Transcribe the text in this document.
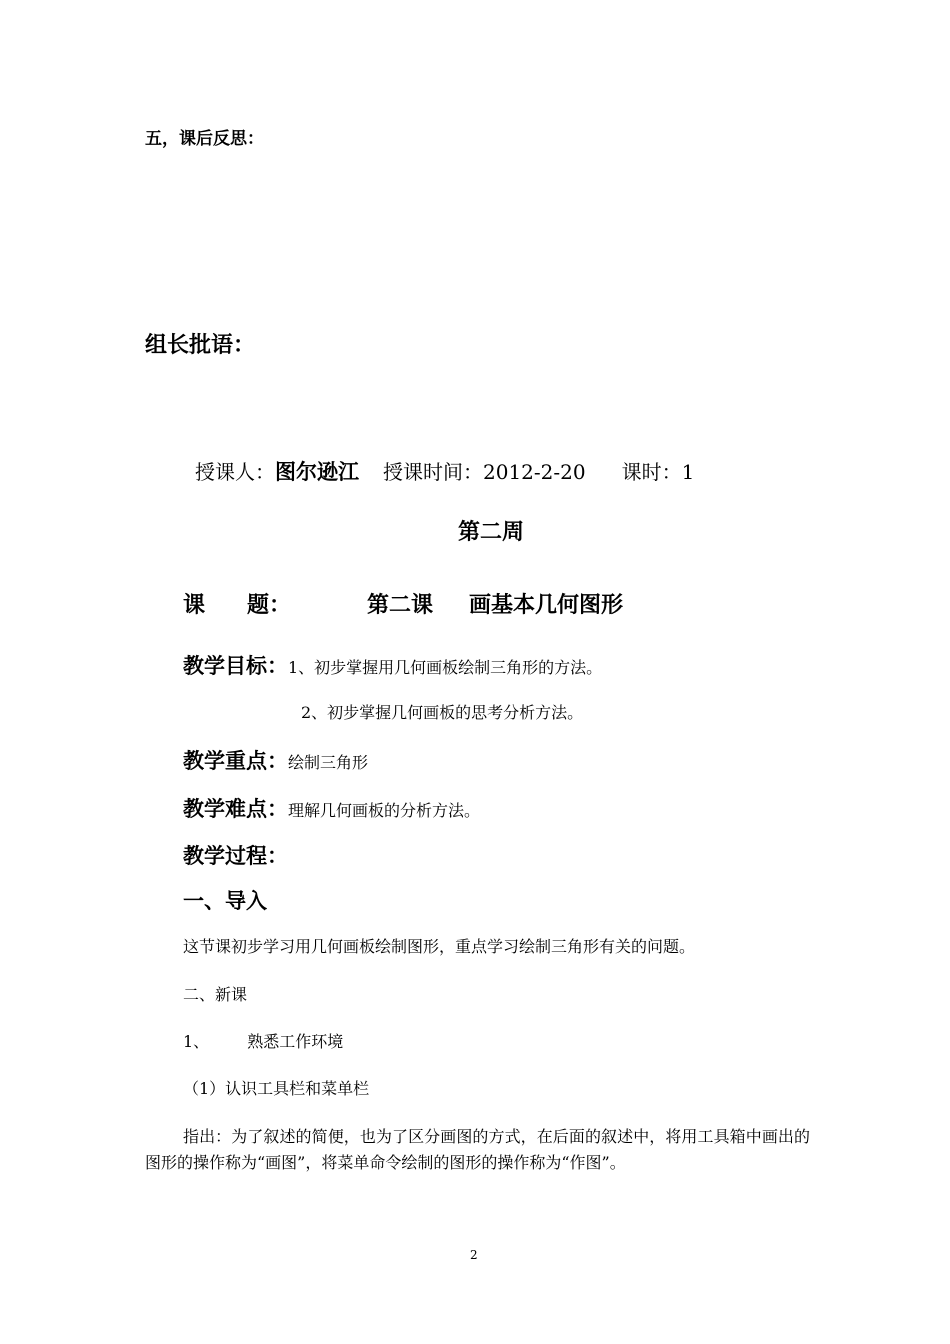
五，课后反思：
组长批语：
授课人：图尔逊江 授课时间：2012-2-20 课时：1
第二周
课 题：	第二课 画基本几何图形
教学目标：1、初步掌握用几何画板绘制三角形的方法。
2、初步掌握几何画板的思考分析方法。
教学重点：绘制三角形
教学难点：理解几何画板的分析方法。
教学过程：
一、导入
这节课初步学习用几何画板绘制图形，重点学习绘制三角形有关的问题。
二、新课
1、 熟悉工作环境
（1）认识工具栏和菜单栏
指出：为了叙述的简便，也为了区分画图的方式，在后面的叙述中，将用工具箱中画出的图形的操作称为“画图”，将菜单命令绘制的图形的操作称为“作图”。
2
